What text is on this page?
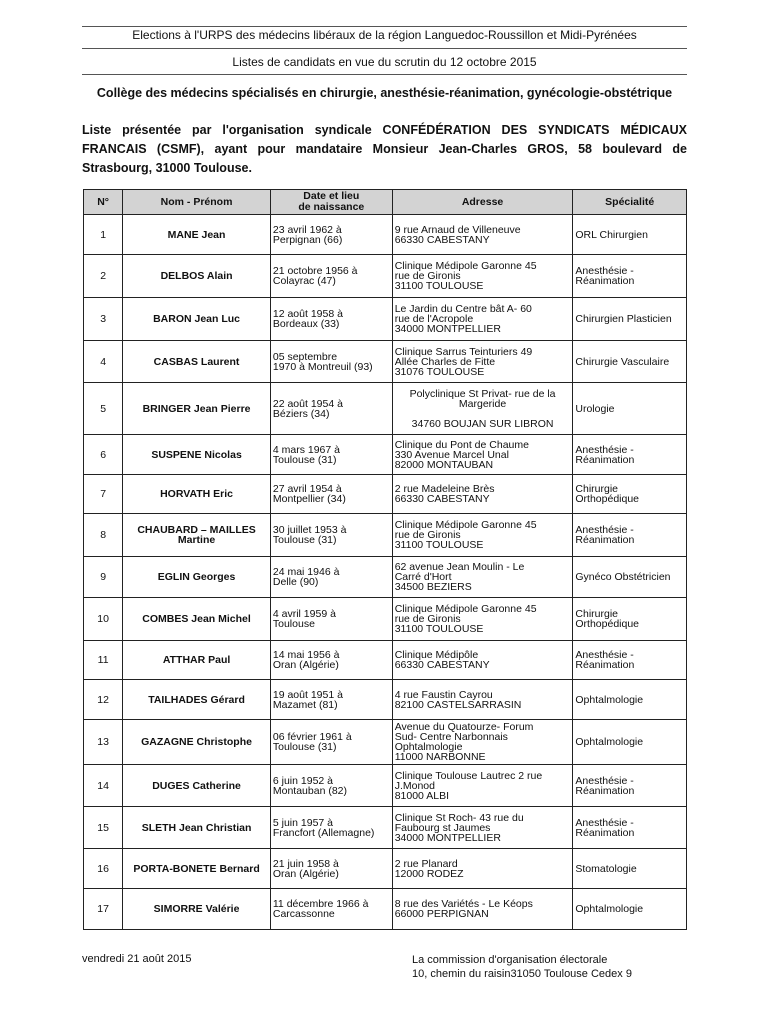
Elections à l'URPS des médecins libéraux de la région Languedoc-Roussillon et Midi-Pyrénées
Listes de candidats en vue du scrutin du 12 octobre 2015
Collège des médecins spécialisés en chirurgie, anesthésie-réanimation, gynécologie-obstétrique
Liste présentée par l'organisation syndicale CONFÉDÉRATION DES SYNDICATS MÉDICAUX FRANCAIS (CSMF), ayant pour mandataire Monsieur Jean-Charles GROS, 58 boulevard de Strasbourg, 31000 Toulouse.
N°	Nom - Prénom	Date et lieu
de naissance	Adresse	Spécialité
1	MANE Jean	23 avril 1962 à
Perpignan (66)	9 rue Arnaud de Villeneuve
66330 CABESTANY	ORL Chirurgien
2	DELBOS Alain	21 octobre 1956 à
Colayrac (47)	Clinique Médipole Garonne 45
rue de Gironis
31100 TOULOUSE	Anesthésie -
Réanimation
3	BARON Jean Luc	12 août 1958 à
Bordeaux (33)	Le Jardin du Centre bât A- 60
rue de l'Acropole
34000 MONTPELLIER	Chirurgien Plasticien
4	CASBAS Laurent	05 septembre
1970 à Montreuil (93)	Clinique Sarrus Teinturiers 49
Allée Charles de Fitte
31076 TOULOUSE	Chirurgie Vasculaire
5	BRINGER Jean Pierre	22 août 1954 à
Béziers (34)	Polyclinique St Privat- rue de la
Margeride

34760 BOUJAN SUR LIBRON	Urologie
6	SUSPENE Nicolas	4 mars 1967 à
Toulouse (31)	Clinique du Pont de Chaume
330 Avenue Marcel Unal
82000 MONTAUBAN	Anesthésie -
Réanimation
7	HORVATH Eric	27 avril 1954 à
Montpellier (34)	2 rue Madeleine Brès
66330 CABESTANY	Chirurgie
Orthopédique
8	CHAUBARD – MAILLES
Martine	30 juillet 1953 à
Toulouse (31)	Clinique Médipole Garonne 45
rue de Gironis
31100 TOULOUSE	Anesthésie -
Réanimation
9	EGLIN Georges	24 mai 1946 à
Delle (90)	62 avenue Jean Moulin - Le
Carré d'Hort
34500 BEZIERS	Gynéco Obstétricien
10	COMBES Jean Michel	4 avril 1959 à
Toulouse	Clinique Médipole Garonne 45
rue de Gironis
31100 TOULOUSE	Chirurgie
Orthopédique
11	ATTHAR Paul	14 mai 1956 à
Oran (Algérie)	Clinique Médipôle
66330 CABESTANY	Anesthésie -
Réanimation
12	TAILHADES Gérard	19 août 1951 à
Mazamet (81)	4 rue Faustin Cayrou
82100 CASTELSARRASIN	Ophtalmologie
13	GAZAGNE Christophe	06 février 1961 à
Toulouse (31)	Avenue du Quatourze- Forum
Sud- Centre Narbonnais
Ophtalmologie
11000 NARBONNE	Ophtalmologie
14	DUGES Catherine	6 juin 1952 à
Montauban (82)	Clinique Toulouse Lautrec 2 rue
J.Monod
81000 ALBI	Anesthésie -
Réanimation
15	SLETH Jean Christian	5 juin 1957 à
Francfort (Allemagne)	Clinique St Roch- 43 rue du
Faubourg st Jaumes
34000 MONTPELLIER	Anesthésie -
Réanimation
16	PORTA-BONETE Bernard	21 juin 1958 à
Oran (Algérie)	2 rue Planard
12000 RODEZ	Stomatologie
17	SIMORRE Valérie	11 décembre 1966 à
Carcassonne	8 rue des Variétés - Le Kéops
66000 PERPIGNAN	Ophtalmologie
vendredi 21 août 2015	La commission d'organisation électorale
10, chemin du raisin31050 Toulouse Cedex 9
